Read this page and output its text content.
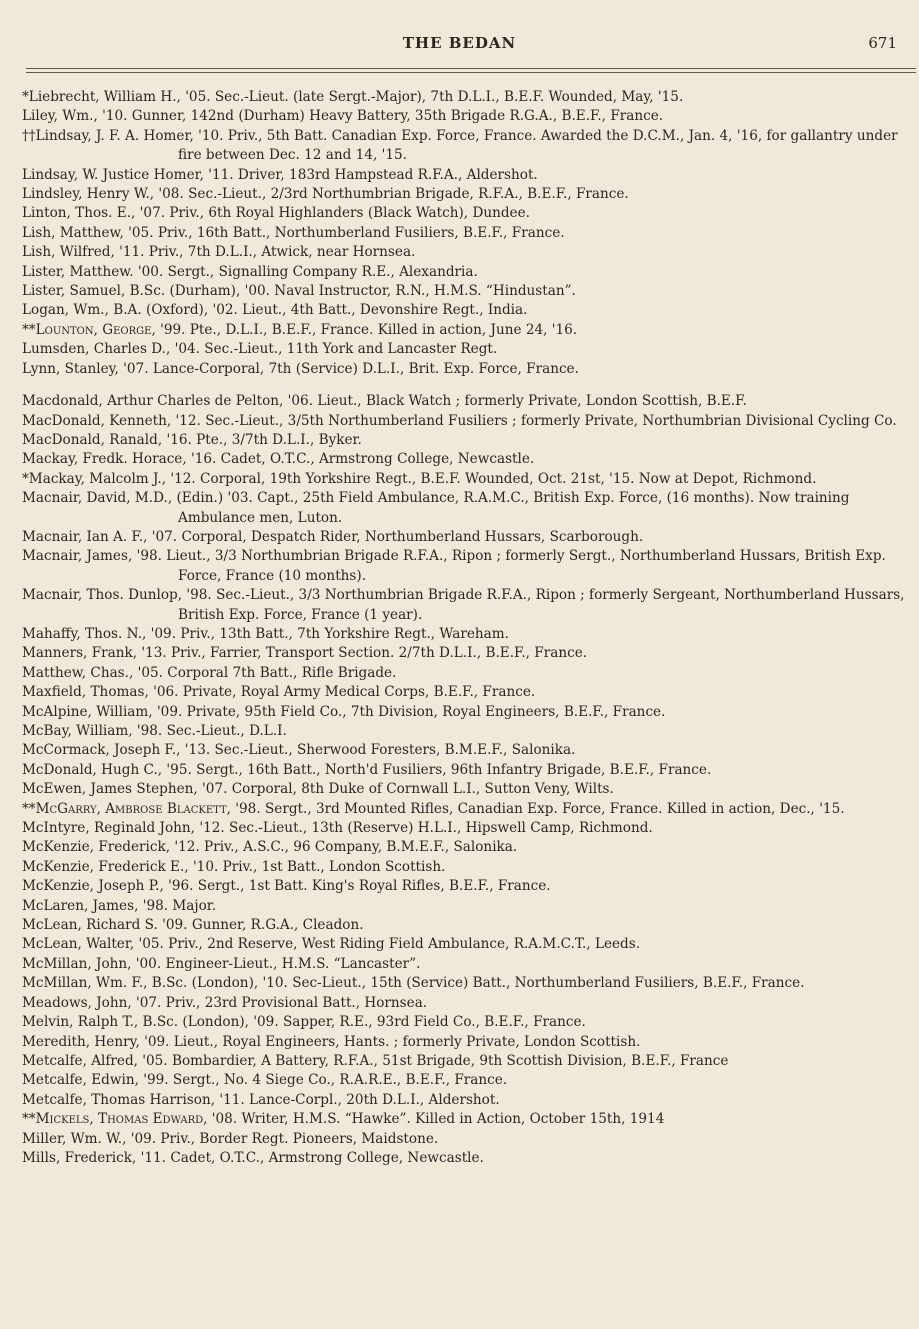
THE BEDAN	671
*Liebrecht, William H., '05. Sec.-Lieut. (late Sergt.-Major), 7th D.L.I., B.E.F. Wounded, May, '15.
Liley, Wm., '10. Gunner, 142nd (Durham) Heavy Battery, 35th Brigade R.G.A., B.E.F., France.
††Lindsay, J. F. A. Homer, '10. Priv., 5th Batt. Canadian Exp. Force, France. Awarded the D.C.M., Jan. 4, '16, for gallantry under fire between Dec. 12 and 14, '15.
Lindsay, W. Justice Homer, '11. Driver, 183rd Hampstead R.F.A., Aldershot.
Lindsley, Henry W., '08. Sec.-Lieut., 2/3rd Northumbrian Brigade, R.F.A., B.E.F., France.
Linton, Thos. E., '07. Priv., 6th Royal Highlanders (Black Watch), Dundee.
Lish, Matthew, '05. Priv., 16th Batt., Northumberland Fusiliers, B.E.F., France.
Lish, Wilfred, '11. Priv., 7th D.L.I., Atwick, near Hornsea.
Lister, Matthew. '00. Sergt., Signalling Company R.E., Alexandria.
Lister, Samuel, B.Sc. (Durham), '00. Naval Instructor, R.N., H.M.S. “Hindustan”.
Logan, Wm., B.A. (Oxford), '02. Lieut., 4th Batt., Devonshire Regt., India.
**Lounton, George, '99. Pte., D.L.I., B.E.F., France. Killed in action, June 24, '16.
Lumsden, Charles D., '04. Sec.-Lieut., 11th York and Lancaster Regt.
Lynn, Stanley, '07. Lance-Corporal, 7th (Service) D.L.I., Brit. Exp. Force, France.
Macdonald, Arthur Charles de Pelton, '06. Lieut., Black Watch ; formerly Private, London Scottish, B.E.F.
MacDonald, Kenneth, '12. Sec.-Lieut., 3/5th Northumberland Fusiliers ; formerly Private, Northumbrian Divisional Cycling Co.
MacDonald, Ranald, '16. Pte., 3/7th D.L.I., Byker.
Mackay, Fredk. Horace, '16. Cadet, O.T.C., Armstrong College, Newcastle.
*Mackay, Malcolm J., '12. Corporal, 19th Yorkshire Regt., B.E.F. Wounded, Oct. 21st, '15. Now at Depot, Richmond.
Macnair, David, M.D., (Edin.) '03. Capt., 25th Field Ambulance, R.A.M.C., British Exp. Force, (16 months). Now training Ambulance men, Luton.
Macnair, Ian A. F., '07. Corporal, Despatch Rider, Northumberland Hussars, Scarborough.
Macnair, James, '98. Lieut., 3/3 Northumbrian Brigade R.F.A., Ripon ; formerly Sergt., Northumberland Hussars, British Exp. Force, France (10 months).
Macnair, Thos. Dunlop, '98. Sec.-Lieut., 3/3 Northumbrian Brigade R.F.A., Ripon ; formerly Sergeant, Northumberland Hussars, British Exp. Force, France (1 year).
Mahaffy, Thos. N., '09. Priv., 13th Batt., 7th Yorkshire Regt., Wareham.
Manners, Frank, '13. Priv., Farrier, Transport Section. 2/7th D.L.I., B.E.F., France.
Matthew, Chas., '05. Corporal 7th Batt., Rifle Brigade.
Maxfield, Thomas, '06. Private, Royal Army Medical Corps, B.E.F., France.
McAlpine, William, '09. Private, 95th Field Co., 7th Division, Royal Engineers, B.E.F., France.
McBay, William, '98. Sec.-Lieut., D.L.I.
McCormack, Joseph F., '13. Sec.-Lieut., Sherwood Foresters, B.M.E.F., Salonika.
McDonald, Hugh C., '95. Sergt., 16th Batt., North'd Fusiliers, 96th Infantry Brigade, B.E.F., France.
McEwen, James Stephen, '07. Corporal, 8th Duke of Cornwall L.I., Sutton Veny, Wilts.
**McGarry, Ambrose Blackett, '98. Sergt., 3rd Mounted Rifles, Canadian Exp. Force, France. Killed in action, Dec., '15.
McIntyre, Reginald John, '12. Sec.-Lieut., 13th (Reserve) H.L.I., Hipswell Camp, Richmond.
McKenzie, Frederick, '12. Priv., A.S.C., 96 Company, B.M.E.F., Salonika.
McKenzie, Frederick E., '10. Priv., 1st Batt., London Scottish.
McKenzie, Joseph P., '96. Sergt., 1st Batt. King's Royal Rifles, B.E.F., France.
McLaren, James, '98. Major.
McLean, Richard S. '09. Gunner, R.G.A., Cleadon.
McLean, Walter, '05. Priv., 2nd Reserve, West Riding Field Ambulance, R.A.M.C.T., Leeds.
McMillan, John, '00. Engineer-Lieut., H.M.S. “Lancaster”.
McMillan, Wm. F., B.Sc. (London), '10. Sec-Lieut., 15th (Service) Batt., Northumberland Fusiliers, B.E.F., France.
Meadows, John, '07. Priv., 23rd Provisional Batt., Hornsea.
Melvin, Ralph T., B.Sc. (London), '09. Sapper, R.E., 93rd Field Co., B.E.F., France.
Meredith, Henry, '09. Lieut., Royal Engineers, Hants. ; formerly Private, London Scottish.
Metcalfe, Alfred, '05. Bombardier, A Battery, R.F.A., 51st Brigade, 9th Scottish Division, B.E.F., France
Metcalfe, Edwin, '99. Sergt., No. 4 Siege Co., R.A.R.E., B.E.F., France.
Metcalfe, Thomas Harrison, '11. Lance-Corpl., 20th D.L.I., Aldershot.
**Mickels, Thomas Edward, '08. Writer, H.M.S. “Hawke”. Killed in Action, October 15th, 1914
Miller, Wm. W., '09. Priv., Border Regt. Pioneers, Maidstone.
Mills, Frederick, '11. Cadet, O.T.C., Armstrong College, Newcastle.
